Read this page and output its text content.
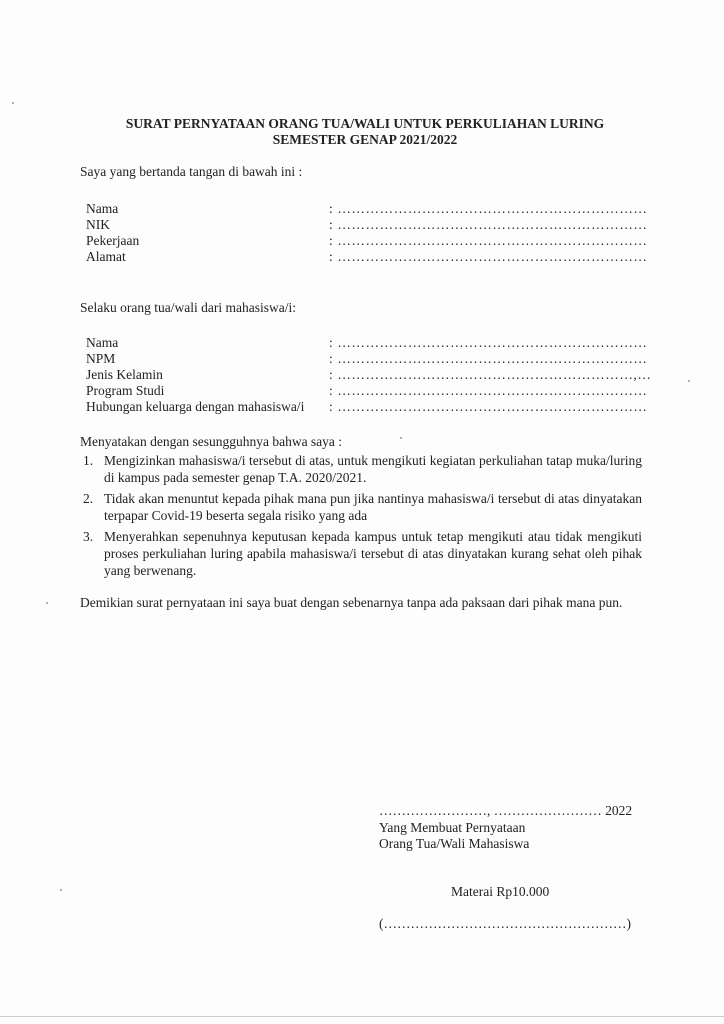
SURAT PERNYATAAN ORANG TUA/WALI UNTUK PERKULIAHAN LURING
SEMESTER GENAP 2021/2022
Saya yang bertanda tangan di bawah ini :
Nama	: …………………………………………………………
NIK	: …………………………………………………………
Pekerjaan	: …………………………………………………………
Alamat	: …………………………………………………………
Selaku orang tua/wali dari mahasiswa/i:
Nama	: …………………………………………………………
NPM	: …………………………………………………………
Jenis Kelamin	: ………………………………………………………,…
Program Studi	: …………………………………………………………
Hubungan keluarga dengan mahasiswa/i : …………………………………………………………
Menyatakan dengan sesungguhnya bahwa saya :
1. Mengizinkan mahasiswa/i tersebut di atas, untuk mengikuti kegiatan perkuliahan tatap muka/luring di kampus pada semester genap T.A. 2020/2021.
2. Tidak akan menuntut kepada pihak mana pun jika nantinya mahasiswa/i tersebut di atas dinyatakan terpapar Covid-19 beserta segala risiko yang ada
3. Menyerahkan sepenuhnya keputusan kepada kampus untuk tetap mengikuti atau tidak mengikuti proses perkuliahan luring apabila mahasiswa/i tersebut di atas dinyatakan kurang sehat oleh pihak yang berwenang.
Demikian surat pernyataan ini saya buat dengan sebenarnya tanpa ada paksaan dari pihak mana pun.
……………………, …………………… 2022
Yang Membuat Pernyataan
Orang Tua/Wali Mahasiswa
Materai Rp10.000
(………………………………………………)
